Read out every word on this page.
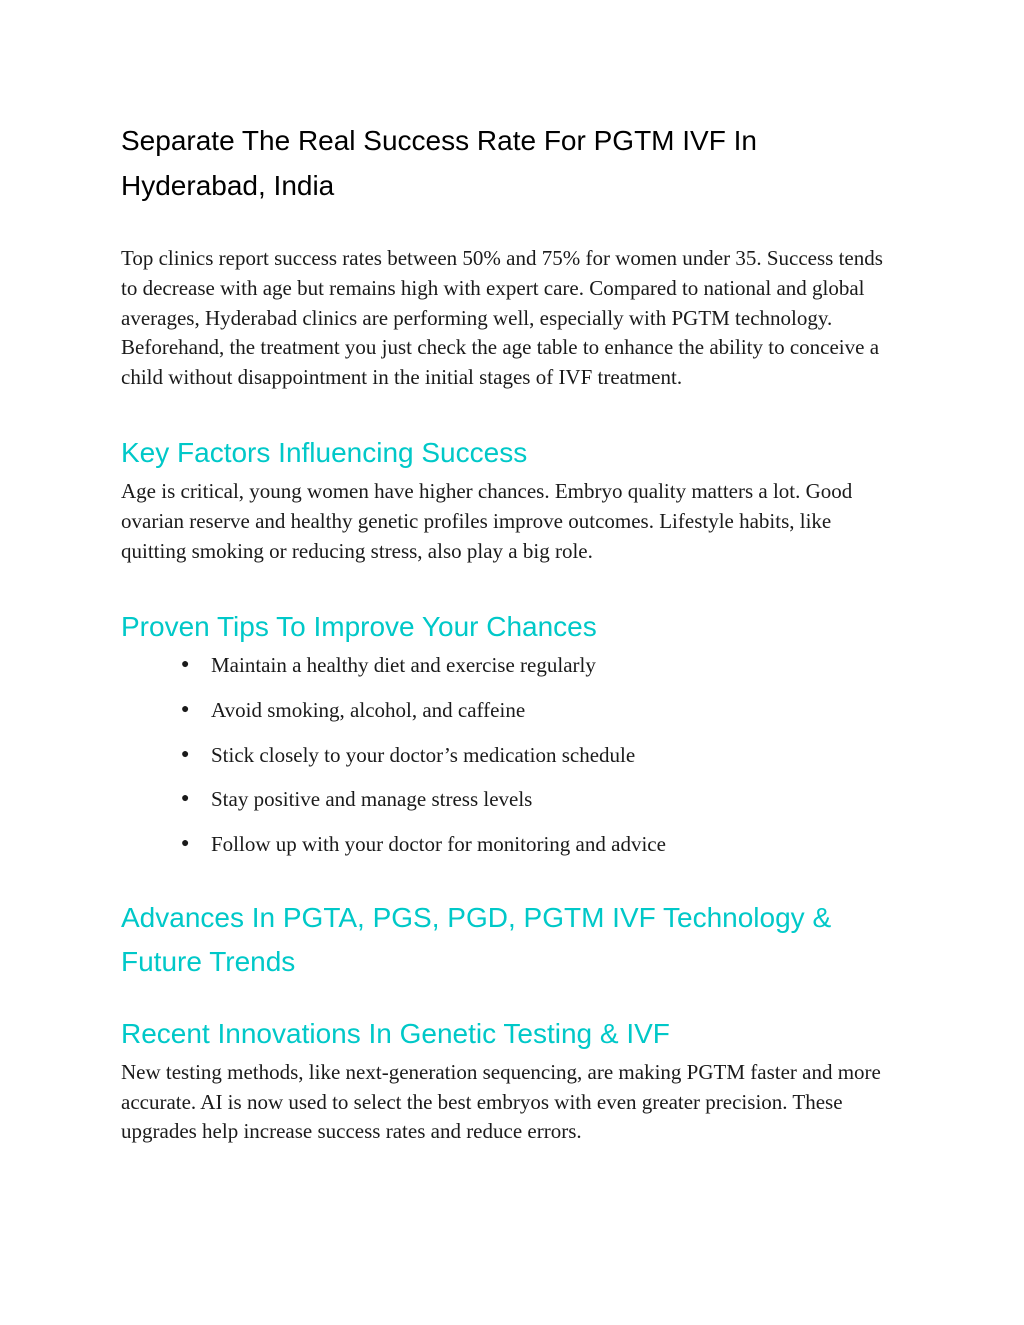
Separate The Real Success Rate For PGTM IVF In Hyderabad, India

Top clinics report success rates between 50% and 75% for women under 35. Success tends to decrease with age but remains high with expert care. Compared to national and global averages, Hyderabad clinics are performing well, especially with PGTM technology. Beforehand, the treatment you just check the age table to enhance the ability to conceive a child without disappointment in the initial stages of IVF treatment.

Key Factors Influencing Success

Age is critical, young women have higher chances. Embryo quality matters a lot. Good ovarian reserve and healthy genetic profiles improve outcomes. Lifestyle habits, like quitting smoking or reducing stress, also play a big role.

Proven Tips To Improve Your Chances
● Maintain a healthy diet and exercise regularly
● Avoid smoking, alcohol, and caffeine
● Stick closely to your doctor’s medication schedule
● Stay positive and manage stress levels
● Follow up with your doctor for monitoring and advice
Advances In PGTA, PGS, PGD, PGTM IVF Technology & Future Trends
Recent Innovations In Genetic Testing & IVF

New testing methods, like next-generation sequencing, are making PGTM faster and more accurate. AI is now used to select the best embryos with even greater precision. These upgrades help increase success rates and reduce errors.
